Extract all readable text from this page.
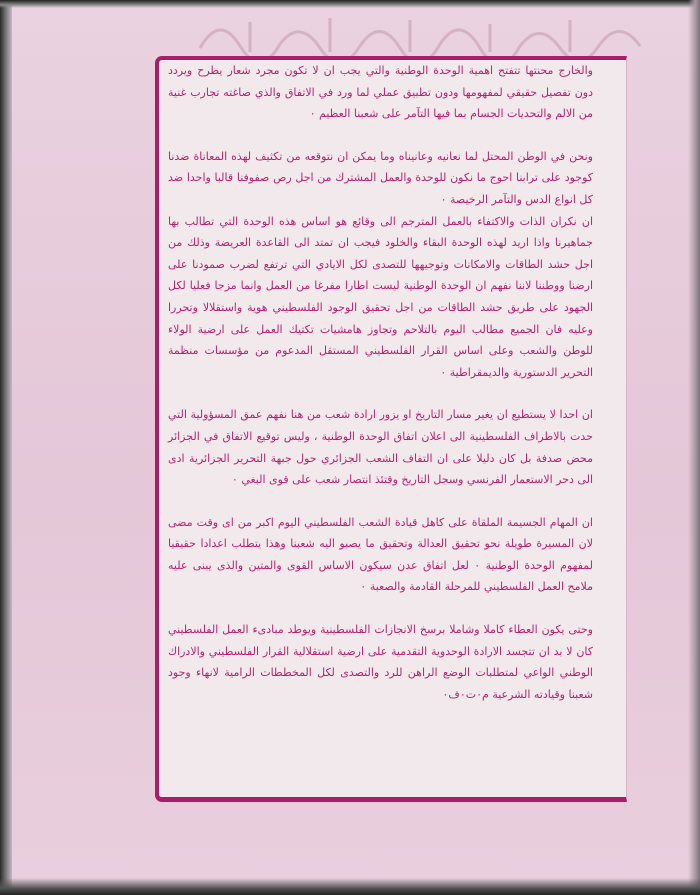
والخارج محنتها تتفتح اهمية الوحدة الوطنية والتي يجب ان لا تكون مجرد شعار يطرح ويردد دون تفصيل حقيقي لمفهومها ودون تطبيق عملي لما ورد في الاتفاق والذي صاغته تجارب غنية من الالم والتحديات الجسام بما فيها التآمر على شعبنا العظيم ٠

ونحن في الوطن المحتل لما نعانيه وعانيناه وما يمكن ان نتوقعه من تكثيف لهذه المعاناة ضدنا كوجود على ترابنا احوج ما نكون للوحدة والعمل المشترك من اجل رص صفوفنا قالبا واحدا ضد كل انواع الدس والتآمر الرخيصة ٠

ان نكران الذات والاكتفاء بالعمل المترجم الى وقائع هو اساس هذه الوحدة التي تطالب بها جماهيرنا واذا اريد لهذه الوحدة البقاء والخلود فيجب ان تمتد الى القاعدة العريضة وذلك من اجل حشد الطاقات والامكانات وتوجيهها للتصدى لكل الايادي التي ترتفع لضرب صمودنا على ارضنا ووطننا لاننا نفهم ان الوحدة الوطنية ليست اطارا مفرغا من العمل وانما مزجا فعليا لكل الجهود على طريق حشد الطاقات من اجل تحقيق الوجود الفلسطيني هوية واستقلالا وتحررا وعليه فان الجميع مطالب اليوم بالتلاحم وتجاوز هامشيات تكتيك العمل على ارضية الولاء للوطن والشعب وعلى اساس القرار الفلسطيني المستقل المدعوم من مؤسسات منظمة التحرير الدستورية والديمقراطية ٠

ان احدا لا يستطيع ان يغير مسار التاريخ او يزور ارادة شعب من هنا نفهم عمق المسؤولية التي حدت بالاطراف الفلسطينية الى اعلان اتفاق الوحدة الوطنية ، وليس توقيع الاتفاق في الجزائر محض صدفة بل كان دليلا على ان التفاف الشعب الجزائري حول جبهة التحرير الجزائرية ادى الى دحر الاستعمار الفرنسي وسجل التاريخ وقتئذ انتصار شعب على قوى البغي ٠

ان المهام الجسيمة الملقاة على كاهل قيادة الشعب الفلسطيني اليوم اكبر من اى وقت مضى لان المسيرة طويلة نحو تحقيق العدالة وتحقيق ما يصبو اليه شعبنا وهذا يتطلب اعدادا حقيقيا لمفهوم الوحدة الوطنية ٠ لعل اتفاق عدن سيكون الاساس القوى والمتين والذى يبنى عليه ملامح العمل الفلسطيني للمرحلة القادمة والصعبة ٠

وحتى يكون العطاء كاملا وشاملا برسخ الانجازات الفلسطينية ويوطد مبادىء العمل الفلسطيني كان لا بد ان تتجسد الارادة الوحدوية التقدمية على ارضية استقلالية القرار الفلسطيني والادراك الوطني الواعي لمتطلبات الوضع الراهن للرد والتصدى لكل المخططات الرامية لانهاء وجود شعبنا وقيادته الشرعية م٠ت٠ف٠
